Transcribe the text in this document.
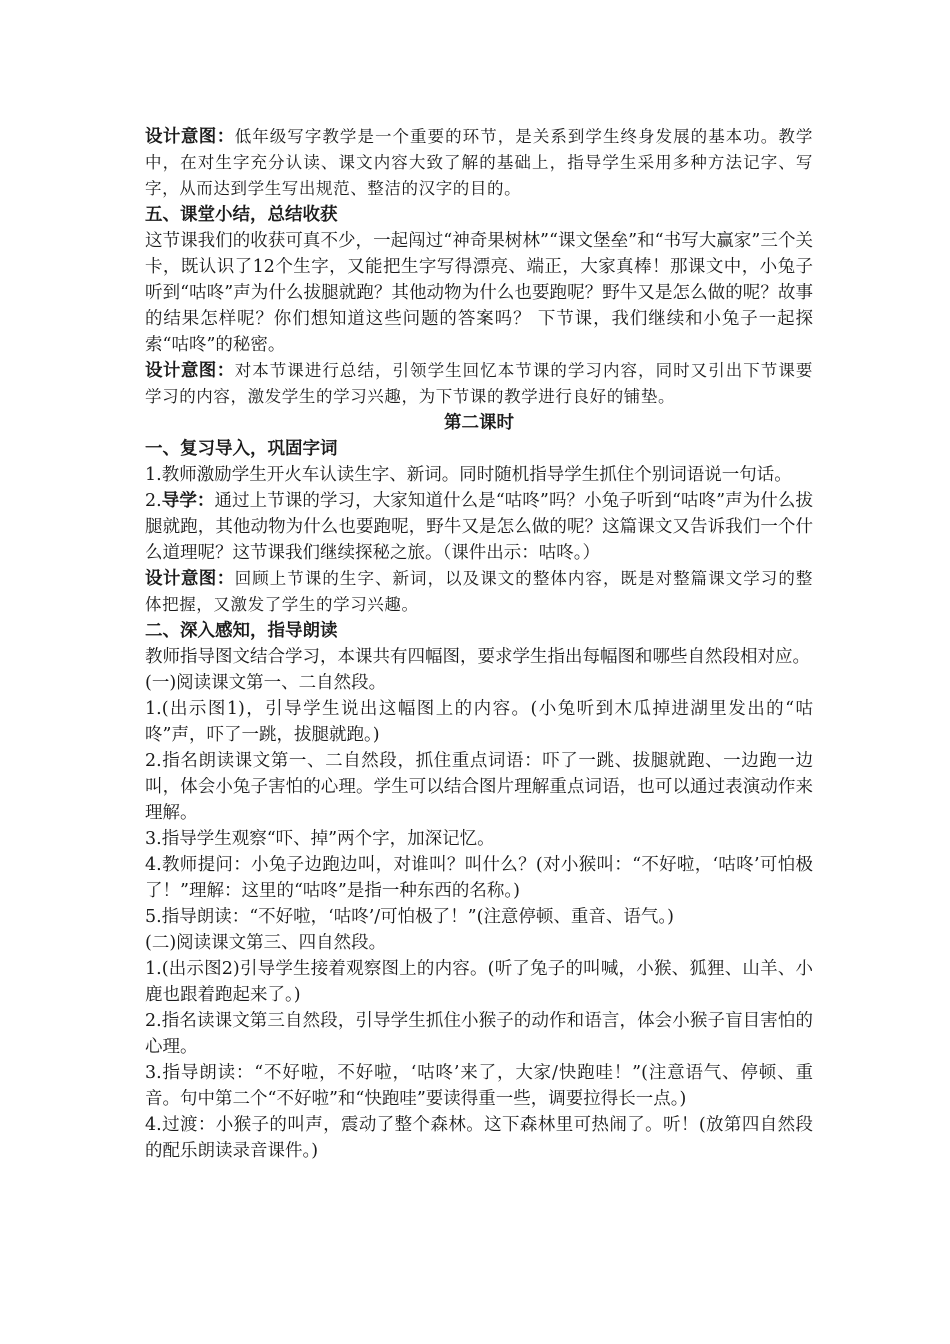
设计意图：低年级写字教学是一个重要的环节，是关系到学生终身发展的基本功。教学中，在对生字充分认读、课文内容大致了解的基础上，指导学生采用多种方法记字、写字，从而达到学生写出规范、整洁的汉字的目的。

五、课堂小结，总结收获

这节课我们的收获可真不少，一起闯过“神奇果树林”“课文堡垒”和“书写大赢家”三个关卡，既认识了12个生字，又能把生字写得漂亮、端正，大家真棒！那课文中，小兔子听到“咕咚”声为什么拔腿就跑？其他动物为什么也要跑呢？野牛又是怎么做的呢？故事的结果怎样呢？你们想知道这些问题的答案吗？ 下节课，我们继续和小兔子一起探索“咕咚”的秘密。

设计意图：对本节课进行总结，引领学生回忆本节课的学习内容，同时又引出下节课要学习的内容，激发学生的学习兴趣，为下节课的教学进行良好的铺垫。

第二课时

一、复习导入，巩固字词

1.教师激励学生开火车认读生字、新词。同时随机指导学生抓住个别词语说一句话。

2.导学：通过上节课的学习，大家知道什么是“咕咚”吗？小兔子听到“咕咚”声为什么拔腿就跑，其他动物为什么也要跑呢，野牛又是怎么做的呢？这篇课文又告诉我们一个什么道理呢？这节课我们继续探秘之旅。（课件出示：咕咚。）

设计意图：回顾上节课的生字、新词，以及课文的整体内容，既是对整篇课文学习的整体把握，又激发了学生的学习兴趣。

二、深入感知，指导朗读

教师指导图文结合学习，本课共有四幅图，要求学生指出每幅图和哪些自然段相对应。

(一)阅读课文第一、二自然段。

1.(出示图1)，引导学生说出这幅图上的内容。(小兔听到木瓜掉进湖里发出的“咕咚”声，吓了一跳，拔腿就跑。)

2.指名朗读课文第一、二自然段，抓住重点词语：吓了一跳、拔腿就跑、一边跑一边叫，体会小兔子害怕的心理。学生可以结合图片理解重点词语，也可以通过表演动作来理解。

3.指导学生观察“吓、掉”两个字，加深记忆。

4.教师提问：小兔子边跑边叫，对谁叫？叫什么？(对小猴叫：“不好啦，‘咕咚’可怕极了！”理解：这里的“咕咚”是指一种东西的名称。)

5.指导朗读：“不好啦，‘咕咚’/可怕极了！”(注意停顿、重音、语气。)

(二)阅读课文第三、四自然段。

1.(出示图2)引导学生接着观察图上的内容。(听了兔子的叫喊，小猴、狐狸、山羊、小鹿也跟着跑起来了。)

2.指名读课文第三自然段，引导学生抓住小猴子的动作和语言，体会小猴子盲目害怕的心理。

3.指导朗读：“不好啦，不好啦，‘咕咚’来了，大家/快跑哇！”(注意语气、停顿、重音。句中第二个“不好啦”和“快跑哇”要读得重一些，调要拉得长一点。)

4.过渡：小猴子的叫声，震动了整个森林。这下森林里可热闹了。听！(放第四自然段的配乐朗读录音课件。)
